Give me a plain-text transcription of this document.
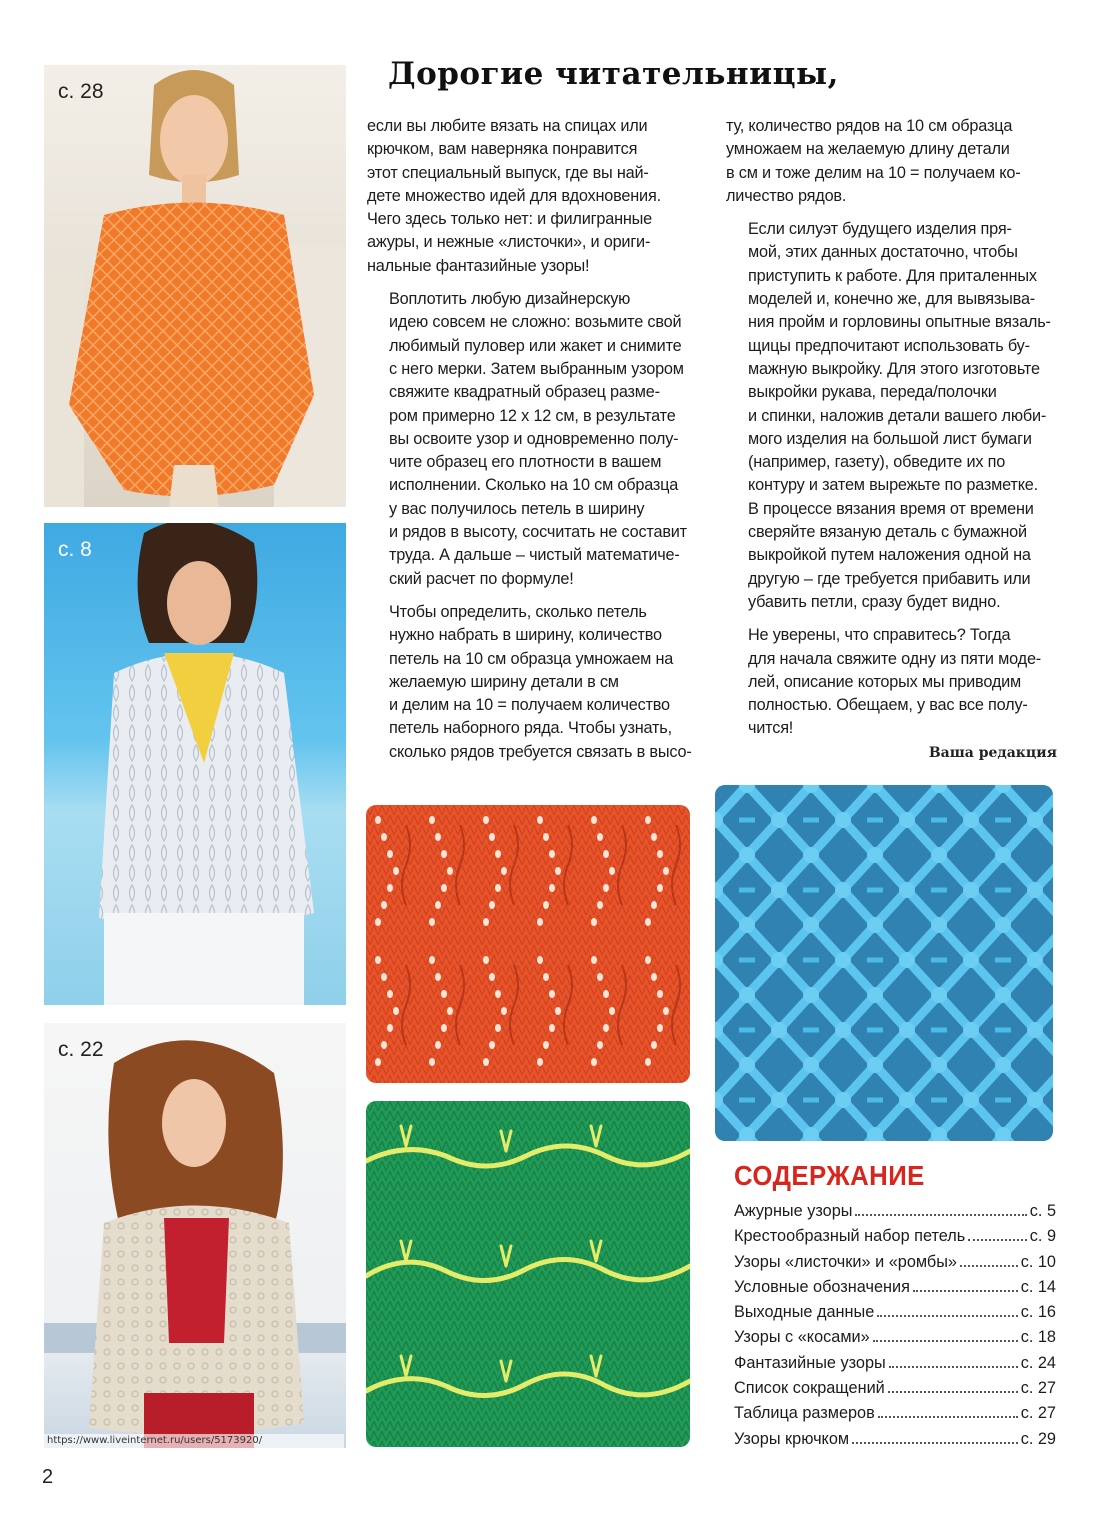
с. 28
с. 8
с. 22
https://www.liveinternet.ru/users/5173920/
Дорогие читательницы,

если вы любите вязать на спицах или
крючком, вам наверняка понравится
этот специальный выпуск, где вы най-
дете множество идей для вдохновения.
Чего здесь только нет: и филигранные
ажуры, и нежные «листочки», и ориги-
нальные фантазийные узоры!

Воплотить любую дизайнерскую
идею совсем не сложно: возьмите свой
любимый пуловер или жакет и снимите
с него мерки. Затем выбранным узором
свяжите квадратный образец разме-
ром примерно 12 х 12 см, в результате
вы освоите узор и одновременно полу-
чите образец его плотности в вашем
исполнении. Сколько на 10 см образца
у вас получилось петель в ширину
и рядов в высоту, сосчитать не составит
труда. А дальше – чистый математиче-
ский расчет по формуле!

Чтобы определить, сколько петель
нужно набрать в ширину, количество
петель на 10 см образца умножаем на
желаемую ширину детали в см
и делим на 10 = получаем количество
петель наборного ряда. Чтобы узнать,
сколько рядов требуется связать в высо-

ту, количество рядов на 10 см образца
умножаем на желаемую длину детали
в см и тоже делим на 10 = получаем ко-
личество рядов.

Если силуэт будущего изделия пря-
мой, этих данных достаточно, чтобы
приступить к работе. Для приталенных
моделей и, конечно же, для вывязыва-
ния пройм и горловины опытные вязаль-
щицы предпочитают использовать бу-
мажную выкройку. Для этого изготовьте
выкройки рукава, переда/полочки
и спинки, наложив детали вашего люби-
мого изделия на большой лист бумаги
(например, газету), обведите их по
контуру и затем вырежьте по разметке.
В процессе вязания время от времени
сверяйте вязаную деталь с бумажной
выкройкой путем наложения одной на
другую – где требуется прибавить или
убавить петли, сразу будет видно.

Не уверены, что справитесь? Тогда
для начала свяжите одну из пяти моде-
лей, описание которых мы приводим
полностью. Обещаем, у вас все полу-
чится!

Ваша редакция
СОДЕРЖАНИЕ
Ажурные узоры	с. 5
Крестообразный набор петель	с. 9
Узоры «листочки» и «ромбы»	с. 10
Условные обозначения	с. 14
Выходные данные	с. 16
Узоры с «косами»	с. 18
Фантазийные узоры	с. 24
Список сокращений	с. 27
Таблица размеров	с. 27
Узоры крючком	с. 29
2
